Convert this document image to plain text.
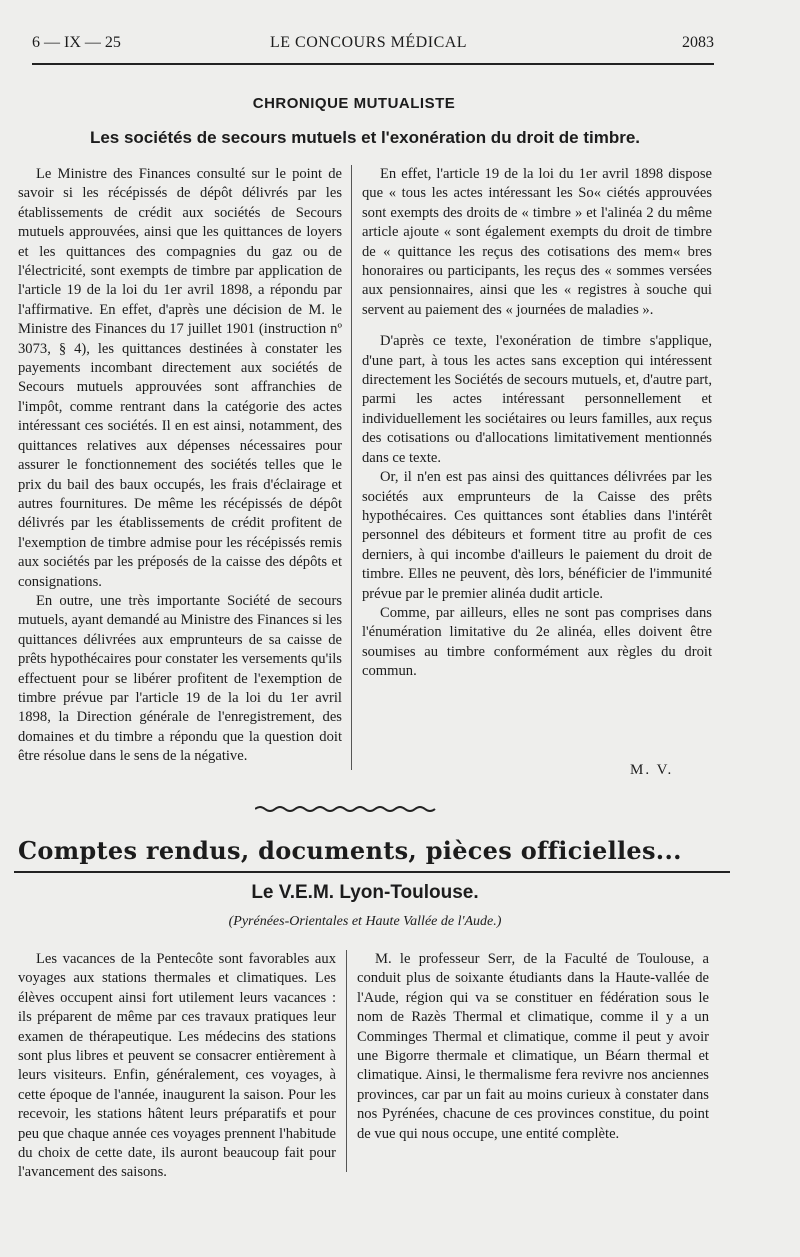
6 — IX — 25	LE CONCOURS MÉDICAL	2083
CHRONIQUE MUTUALISTE
Les sociétés de secours mutuels et l'exonération du droit de timbre.

Le Ministre des Finances consulté sur le point de savoir si les récépissés de dépôt délivrés par les établissements de crédit aux sociétés de Secours mutuels approuvées, ainsi que les quittances de loyers et les quittances des compagnies du gaz ou de l'électricité, sont exempts de timbre par application de l'article 19 de la loi du 1er avril 1898, a répondu par l'affirmative. En effet, d'après une décision de M. le Ministre des Finances du 17 juillet 1901 (instruction nº 3073, § 4), les quittances destinées à constater les payements incombant directement aux sociétés de Secours mutuels approuvées sont affranchies de l'impôt, comme rentrant dans la catégorie des actes intéressant ces sociétés. Il en est ainsi, notamment, des quittances relatives aux dépenses nécessaires pour assurer le fonctionnement des sociétés telles que le prix du bail des baux occupés, les frais d'éclairage et autres fournitures. De même les récépissés de dépôt délivrés par les établissements de crédit profitent de l'exemption de timbre admise pour les récépissés remis aux sociétés par les préposés de la caisse des dépôts et consignations.

En outre, une très importante Société de secours mutuels, ayant demandé au Ministre des Finances si les quittances délivrées aux emprunteurs de sa caisse de prêts hypothécaires pour constater les versements qu'ils effectuent pour se libérer profitent de l'exemption de timbre prévue par l'article 19 de la loi du 1er avril 1898, la Direction générale de l'enregistrement, des domaines et du timbre a répondu que la question doit être résolue dans le sens de la négative.

En effet, l'article 19 de la loi du 1er avril 1898 dispose que « tous les actes intéressant les So« ciétés approuvées sont exempts des droits de « timbre » et l'alinéa 2 du même article ajoute « sont également exempts du droit de timbre de « quittance les reçus des cotisations des mem« bres honoraires ou participants, les reçus des « sommes versées aux pensionnaires, ainsi que les « registres à souche qui servent au paiement des « journées de maladies ».

D'après ce texte, l'exonération de timbre s'applique, d'une part, à tous les actes sans exception qui intéressent directement les Sociétés de secours mutuels, et, d'autre part, parmi les actes intéressant personnellement et individuellement les sociétaires ou leurs familles, aux reçus des cotisations ou d'allocations limitativement mentionnés dans ce texte.

Or, il n'en est pas ainsi des quittances délivrées par les sociétés aux emprunteurs de la Caisse des prêts hypothécaires. Ces quittances sont établies dans l'intérêt personnel des débiteurs et forment titre au profit de ces derniers, à qui incombe d'ailleurs le paiement du droit de timbre. Elles ne peuvent, dès lors, bénéficier de l'immunité prévue par le premier alinéa dudit article.

Comme, par ailleurs, elles ne sont pas comprises dans l'énumération limitative du 2e alinéa, elles doivent être soumises au timbre conformément aux règles du droit commun.

M. V.
Comptes rendus, documents, pièces officielles...
Le V.E.M. Lyon-Toulouse.
(Pyrénées-Orientales et Haute Vallée de l'Aude.)

Les vacances de la Pentecôte sont favorables aux voyages aux stations thermales et climatiques. Les élèves occupent ainsi fort utilement leurs vacances : ils préparent de même par ces travaux pratiques leur examen de thérapeutique. Les médecins des stations sont plus libres et peuvent se consacrer entièrement à leurs visiteurs. Enfin, généralement, ces voyages, à cette époque de l'année, inaugurent la saison. Pour les recevoir, les stations hâtent leurs préparatifs et pour peu que chaque année ces voyages prennent l'habitude du choix de cette date, ils auront beaucoup fait pour l'avancement des saisons.

M. le professeur Serr, de la Faculté de Toulouse, a conduit plus de soixante étudiants dans la Haute-vallée de l'Aude, région qui va se constituer en fédération sous le nom de Razès Thermal et climatique, comme il y a un Comminges Thermal et climatique, comme il peut y avoir une Bigorre thermale et climatique, un Béarn thermal et climatique. Ainsi, le thermalisme fera revivre nos anciennes provinces, car par un fait au moins curieux à constater dans nos Pyrénées, chacune de ces provinces constitue, du point de vue qui nous occupe, une entité complète.
